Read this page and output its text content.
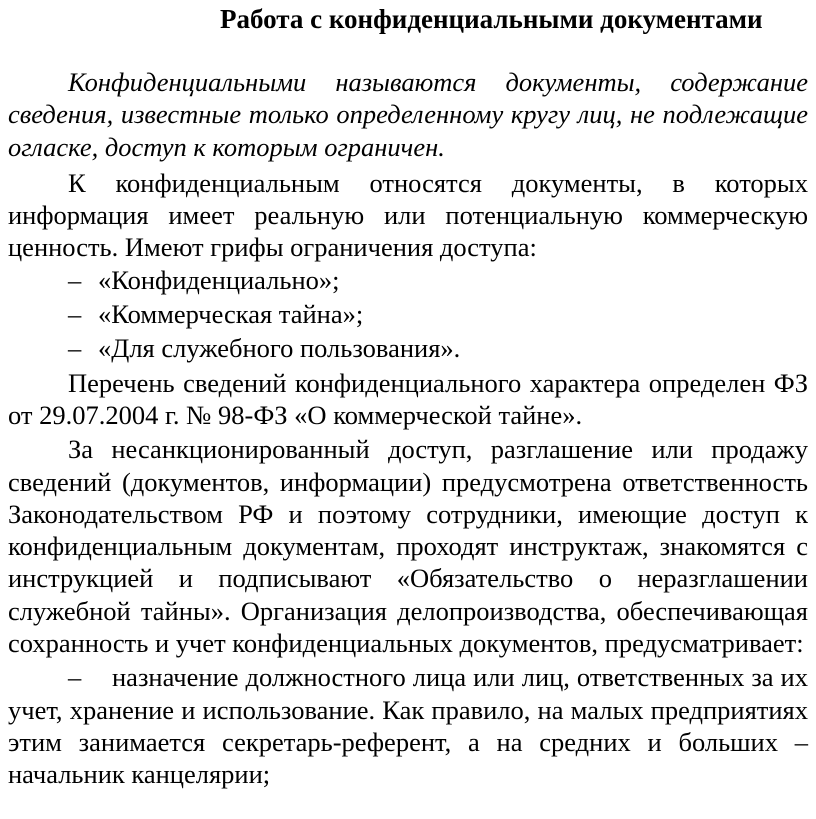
Работа с конфиденциальными документами

Конфиденциальными называются документы, содержание сведения, известные только определенному кругу лиц, не подлежащие огласке, доступ к которым ограничен.

К конфиденциальным относятся документы, в которых информация имеет реальную или потенциальную коммерческую ценность. Имеют грифы ограничения доступа:

– «Конфиденциально»;

– «Коммерческая тайна»;

– «Для служебного пользования».

Перечень сведений конфиденциального характера определен ФЗ от 29.07.2004 г. № 98-ФЗ «О коммерческой тайне».

За несанкционированный доступ, разглашение или продажу сведений (документов, информации) предусмотрена ответственность Законодательством РФ и поэтому сотрудники, имеющие доступ к конфиденциальным документам, проходят инструктаж, знакомятся с инструкцией и подписывают «Обязательство о неразглашении служебной тайны». Организация делопроизводства, обеспечивающая сохранность и учет конфиденциальных документов, предусматривает:

– назначение должностного лица или лиц, ответственных за их учет, хранение и использование. Как правило, на малых предприятиях этим занимается секретарь-референт, а на средних и больших – начальник канцелярии;
